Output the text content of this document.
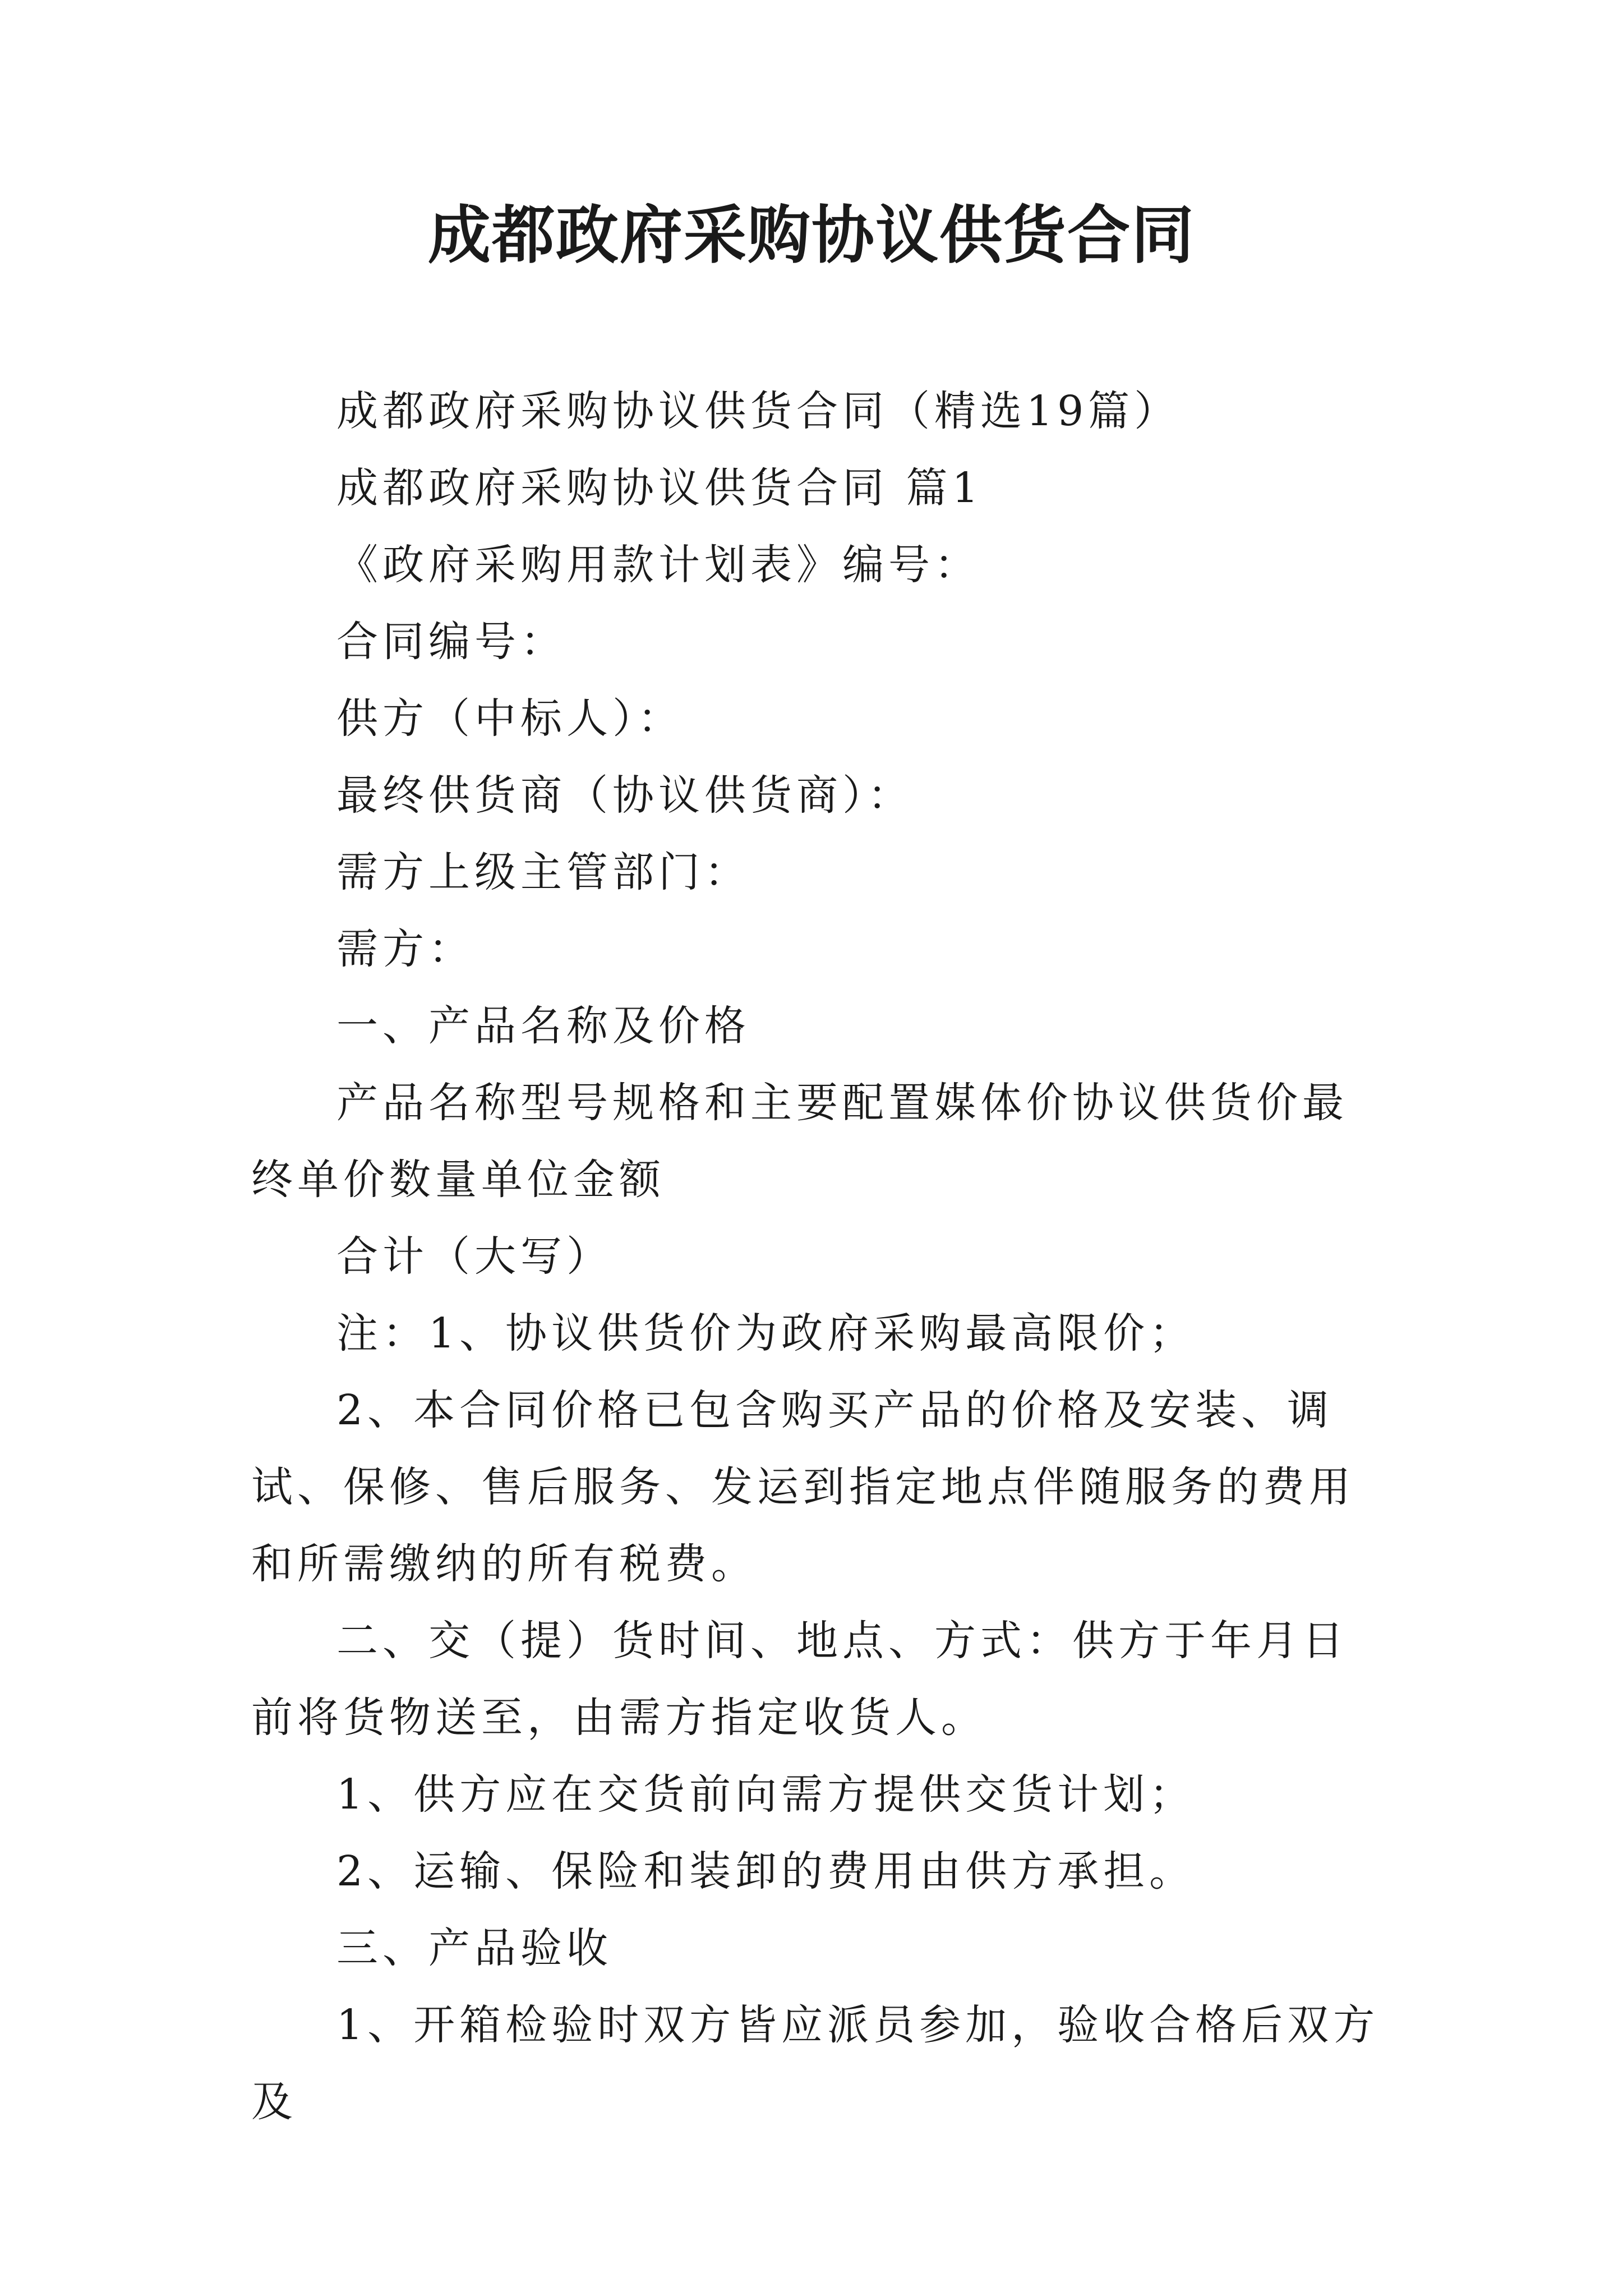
成都政府采购协议供货合同

成都政府采购协议供货合同（精选19篇）

成都政府采购协议供货合同 篇1

《政府采购用款计划表》编号：

合同编号：

供方（中标人）：

最终供货商（协议供货商）：

需方上级主管部门：

需方：

一、产品名称及价格

产品名称型号规格和主要配置媒体价协议供货价最终单价数量单位金额

合计（大写）

注：1、协议供货价为政府采购最高限价；

2、本合同价格已包含购买产品的价格及安装、调试、保修、售后服务、发运到指定地点伴随服务的费用和所需缴纳的所有税费。

二、交（提）货时间、地点、方式：供方于年月日前将货物送至，由需方指定收货人。

1、供方应在交货前向需方提供交货计划；

2、运输、保险和装卸的费用由供方承担。

三、产品验收

1、开箱检验时双方皆应派员参加，验收合格后双方及
